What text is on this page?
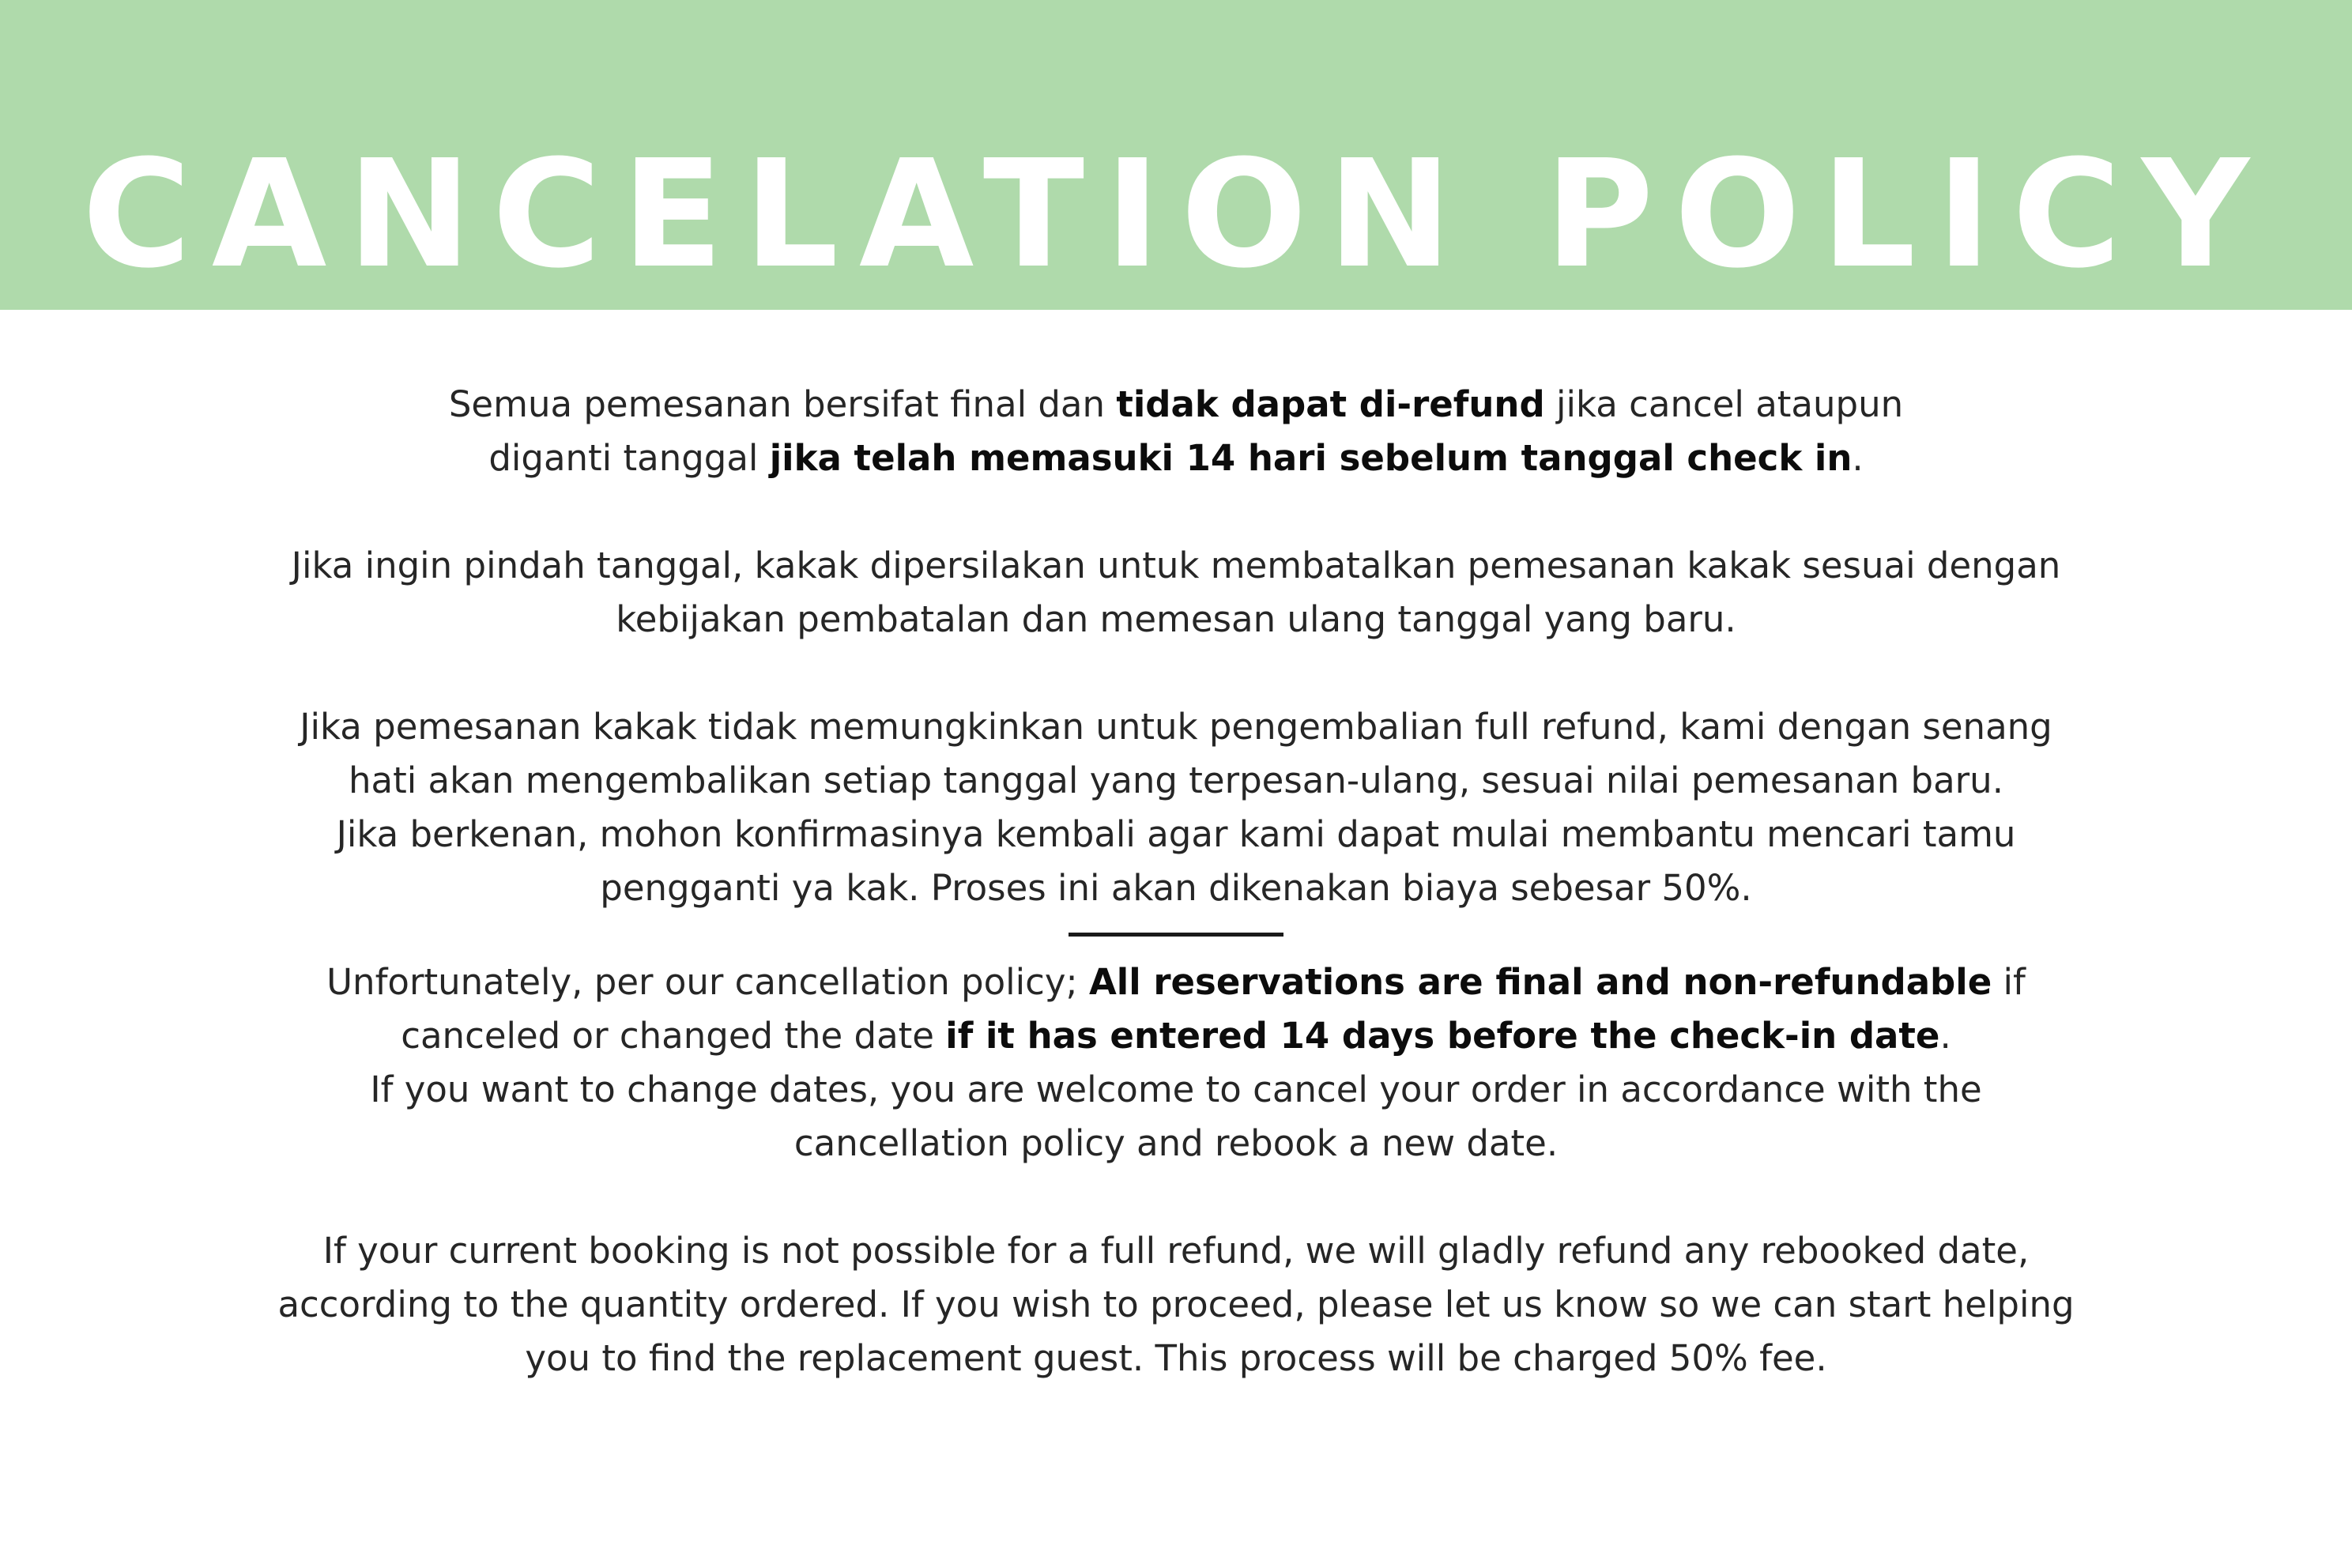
CANCELATION POLICY
Semua pemesanan bersifat final dan tidak dapat di-refund jika cancel ataupun
diganti tanggal jika telah memasuki 14 hari sebelum tanggal check in.
Jika ingin pindah tanggal, kakak dipersilakan untuk membatalkan pemesanan kakak sesuai dengan
kebijakan pembatalan dan memesan ulang tanggal yang baru.
Jika pemesanan kakak tidak memungkinkan untuk pengembalian full refund, kami dengan senang
hati akan mengembalikan setiap tanggal yang terpesan-ulang, sesuai nilai pemesanan baru.
Jika berkenan, mohon konfirmasinya kembali agar kami dapat mulai membantu mencari tamu
pengganti ya kak. Proses ini akan dikenakan biaya sebesar 50%.
Unfortunately, per our cancellation policy; All reservations are final and non-refundable if
canceled or changed the date if it has entered 14 days before the check-in date.
If you want to change dates, you are welcome to cancel your order in accordance with the
cancellation policy and rebook a new date.
If your current booking is not possible for a full refund, we will gladly refund any rebooked date,
according to the quantity ordered. If you wish to proceed, please let us know so we can start helping
you to find the replacement guest. This process will be charged 50% fee.
